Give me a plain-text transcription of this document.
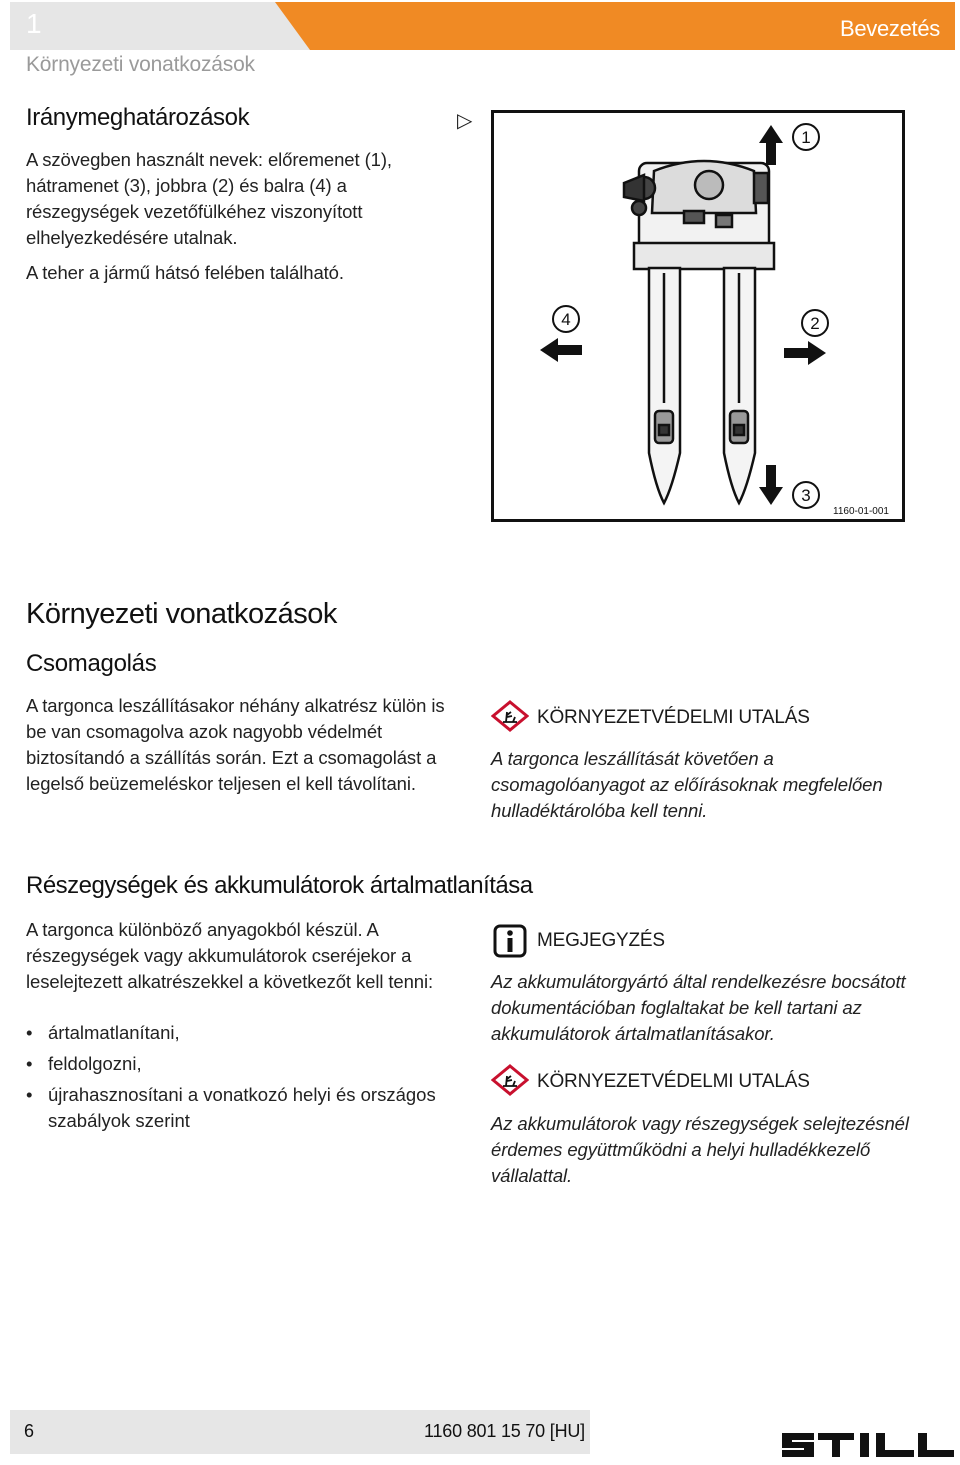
1	Bevezetés
Környezeti vonatkozások
Iránymeghatározások
A szövegben használt nevek: előremenet (1), hátramenet (3), jobbra (2) és balra (4) a részegységek vezetőfülkéhez viszonyított elhelyezkedésére utalnak.
A teher a jármű hátsó felében található.
▷
1
2
3
4
1160-01-001
Környezeti vonatkozások
Csomagolás
A targonca leszállításakor néhány alkatrész külön is be van csomagolva azok nagyobb védelmét biztosítandó a szállítás során. Ezt a csomagolást a legelső beüzemeléskor teljesen el kell távolítani.
KÖRNYEZETVÉDELMI UTALÁS
A targonca leszállítását követően a csomagolóanyagot az előírásoknak megfelelően hulladéktárolóba kell tenni.
Részegységek és akkumulátorok ártalmatlanítása
A targonca különböző anyagokból készül. A részegységek vagy akkumulátorok cseréjekor a leselejtezett alkatrészekkel a következőt kell tenni:
• ártalmatlanítani,
• feldolgozni,
• újrahasznosítani a vonatkozó helyi és országos szabályok szerint
MEGJEGYZÉS
Az akkumulátorgyártó által rendelkezésre bocsátott dokumentációban foglaltakat be kell tartani az akkumulátorok ártalmatlanításakor.
KÖRNYEZETVÉDELMI UTALÁS
Az akkumulátorok vagy részegységek selejtezésnél érdemes együttműködni a helyi hulladékkezelő vállalattal.
6	1160 801 15 70 [HU]
